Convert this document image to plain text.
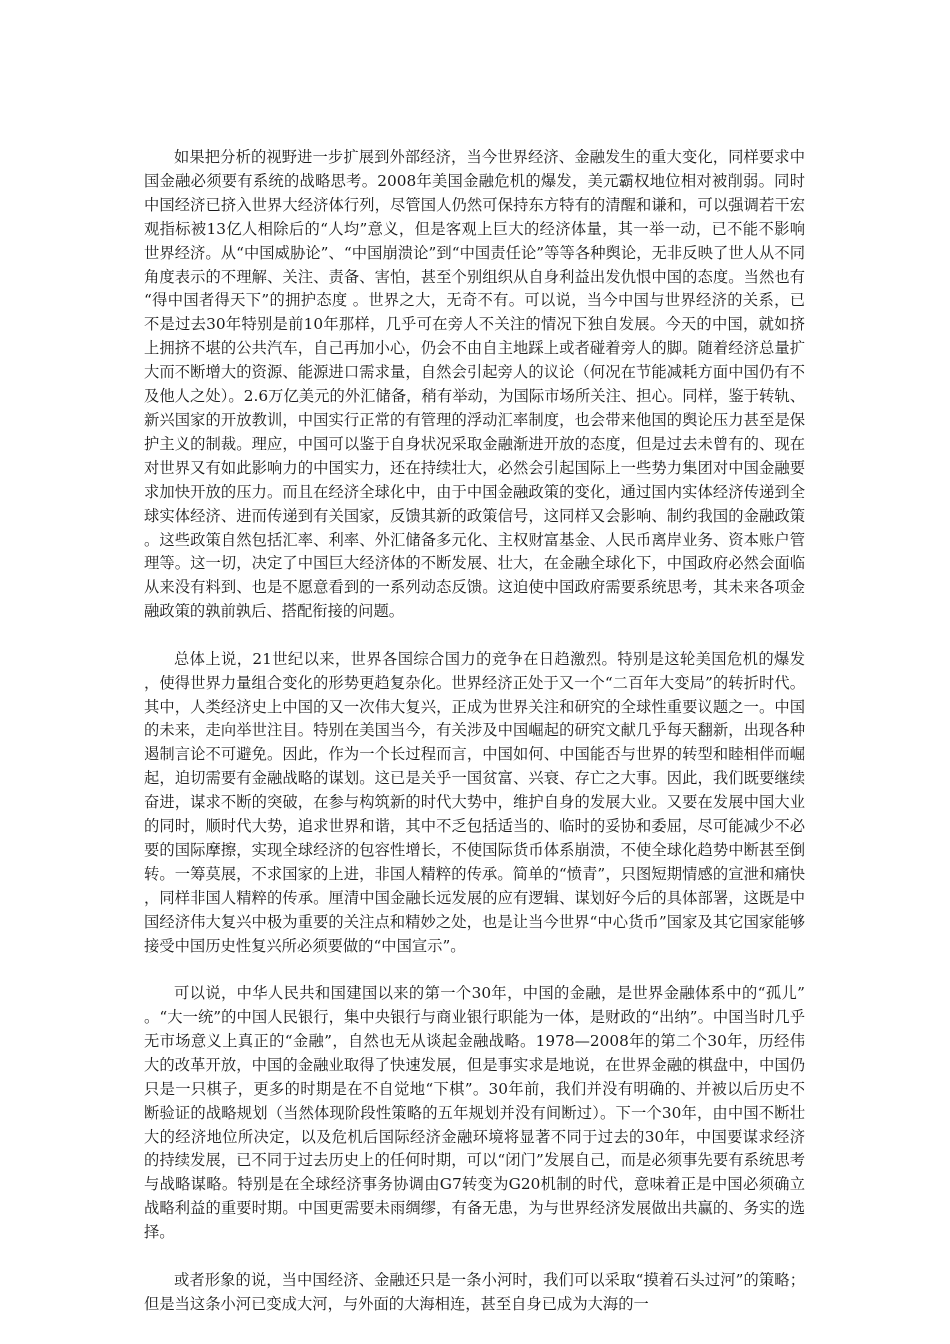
如果把分析的视野进一步扩展到外部经济，当今世界经济、金融发生的重大变化，同样要求中国金融必须要有系统的战略思考。2008年美国金融危机的爆发，美元霸权地位相对被削弱。同时中国经济已挤入世界大经济体行列，尽管国人仍然可保持东方特有的清醒和谦和，可以强调若干宏观指标被13亿人相除后的“人均”意义，但是客观上巨大的经济体量，其一举一动，已不能不影响世界经济。从“中国威胁论”、“中国崩溃论”到“中国责任论”等等各种舆论，无非反映了世人从不同角度表示的不理解、关注、责备、害怕，甚至个别组织从自身利益出发仇恨中国的态度。当然也有“得中国者得天下”的拥护态度 。世界之大，无奇不有。可以说，当今中国与世界经济的关系，已不是过去30年特别是前10年那样，几乎可在旁人不关注的情况下独自发展。今天的中国，就如挤上拥挤不堪的公共汽车，自己再加小心，仍会不由自主地踩上或者碰着旁人的脚。随着经济总量扩大而不断增大的资源、能源进口需求量，自然会引起旁人的议论（何况在节能减耗方面中国仍有不及他人之处）。2.6万亿美元的外汇储备，稍有举动，为国际市场所关注、担心。同样，鉴于转轨、新兴国家的开放教训，中国实行正常的有管理的浮动汇率制度，也会带来他国的舆论压力甚至是保护主义的制裁。理应，中国可以鉴于自身状况采取金融渐进开放的态度，但是过去未曾有的、现在对世界又有如此影响力的中国实力，还在持续壮大，必然会引起国际上一些势力集团对中国金融要求加快开放的压力。而且在经济全球化中，由于中国金融政策的变化，通过国内实体经济传递到全球实体经济、进而传递到有关国家，反馈其新的政策信号，这同样又会影响、制约我国的金融政策。这些政策自然包括汇率、利率、外汇储备多元化、主权财富基金、人民币离岸业务、资本账户管理等。这一切，决定了中国巨大经济体的不断发展、壮大，在金融全球化下，中国政府必然会面临从来没有料到、也是不愿意看到的一系列动态反馈。这迫使中国政府需要系统思考，其未来各项金融政策的孰前孰后、搭配衔接的问题。

总体上说，21世纪以来，世界各国综合国力的竞争在日趋激烈。特别是这轮美国危机的爆发，使得世界力量组合变化的形势更趋复杂化。世界经济正处于又一个“二百年大变局”的转折时代。其中，人类经济史上中国的又一次伟大复兴，正成为世界关注和研究的全球性重要议题之一。中国的未来，走向举世注目。特别在美国当今，有关涉及中国崛起的研究文献几乎每天翻新，出现各种遏制言论不可避免。因此，作为一个长过程而言，中国如何、中国能否与世界的转型和睦相伴而崛起，迫切需要有金融战略的谋划。这已是关乎一国贫富、兴衰、存亡之大事。因此，我们既要继续奋进，谋求不断的突破，在参与构筑新的时代大势中，维护自身的发展大业。又要在发展中国大业的同时，顺时代大势，追求世界和谐，其中不乏包括适当的、临时的妥协和委屈，尽可能减少不必要的国际摩擦，实现全球经济的包容性增长，不使国际货币体系崩溃，不使全球化趋势中断甚至倒转。一筹莫展，不求国家的上进，非国人精粹的传承。简单的“愤青”，只图短期情感的宣泄和痛快，同样非国人精粹的传承。厘清中国金融长远发展的应有逻辑、谋划好今后的具体部署，这既是中国经济伟大复兴中极为重要的关注点和精妙之处，也是让当今世界“中心货币”国家及其它国家能够接受中国历史性复兴所必须要做的“中国宣示”。

可以说，中华人民共和国建国以来的第一个30年，中国的金融，是世界金融体系中的“孤儿”。“大一统”的中国人民银行，集中央银行与商业银行职能为一体，是财政的“出纳”。中国当时几乎无市场意义上真正的“金融”，自然也无从谈起金融战略。1978—2008年的第二个30年，历经伟大的改革开放，中国的金融业取得了快速发展，但是事实求是地说，在世界金融的棋盘中，中国仍只是一只棋子，更多的时期是在不自觉地“下棋”。30年前，我们并没有明确的、并被以后历史不断验证的战略规划（当然体现阶段性策略的五年规划并没有间断过）。下一个30年，由中国不断壮大的经济地位所决定，以及危机后国际经济金融环境将显著不同于过去的30年，中国要谋求经济的持续发展，已不同于过去历史上的任何时期，可以“闭门”发展自己，而是必须事先要有系统思考与战略谋略。特别是在全球经济事务协调由G7转变为G20机制的时代，意味着正是中国必须确立战略利益的重要时期。中国更需要未雨绸缪，有备无患，为与世界经济发展做出共赢的、务实的选择。

或者形象的说，当中国经济、金融还只是一条小河时，我们可以采取“摸着石头过河”的策略；但是当这条小河已变成大河，与外面的大海相连，甚至自身已成为大海的一
